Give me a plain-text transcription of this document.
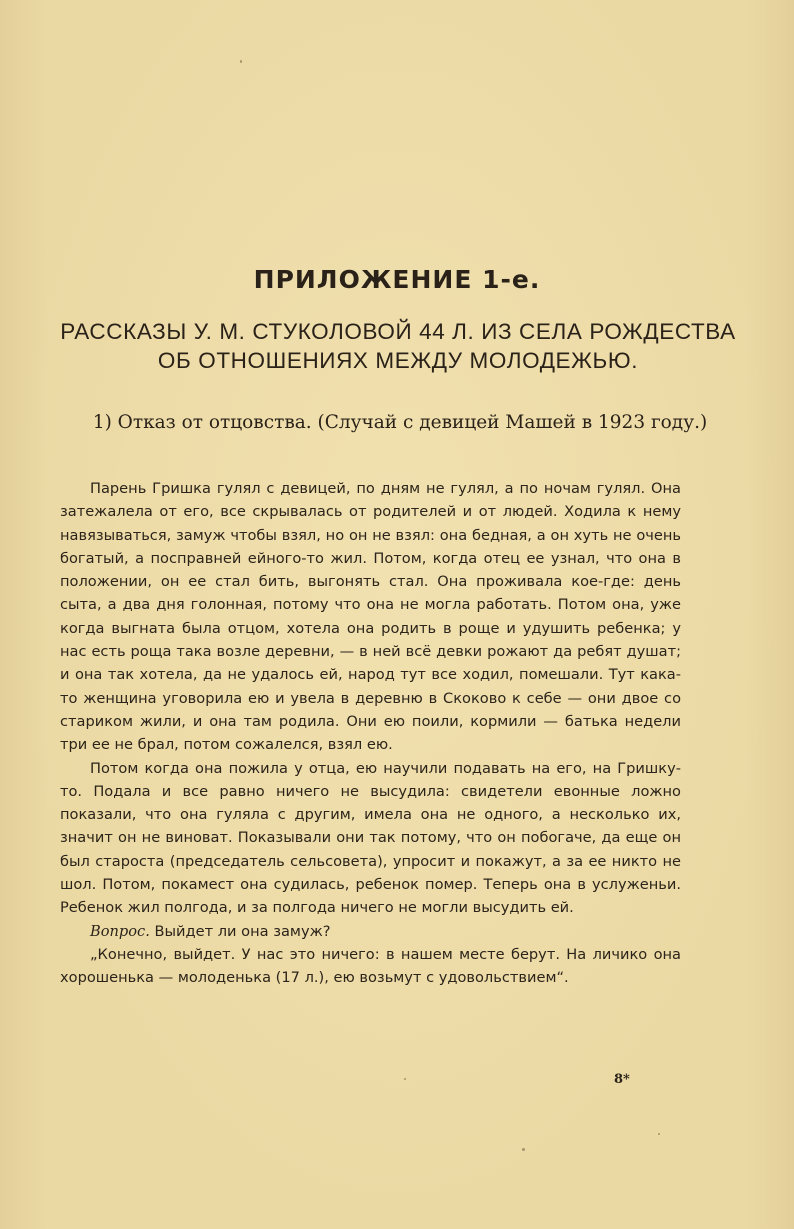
ПРИЛОЖЕНИЕ 1-е.
РАССКАЗЫ У. М. СТУКОЛОВОЙ 44 Л. ИЗ СЕЛА РОЖДЕСТВА ОБ ОТНОШЕНИЯХ МЕЖДУ МОЛОДЕЖЬЮ.
1) Отказ от отцовства. (Случай с девицей Машей в 1923 году.)

Парень Гришка гулял с девицей, по дням не гулял, а по ночам гулял. Она затежалела от его, все скрывалась от родителей и от людей. Ходила к нему навязываться, замуж чтобы взял, но он не взял: она бедная, а он хуть не очень богатый, а посправней ейного-то жил. Потом, когда отец ее узнал, что она в положении, он ее стал бить, выгонять стал. Она проживала кое-где: день сыта, а два дня голонная, потому что она не могла работать. Потом она, уже когда выгната была отцом, хотела она родить в роще и удушить ребенка; у нас есть роща така возле деревни, — в ней всё девки рожают да ребят душат; и она так хотела, да не удалось ей, народ тут все ходил, помешали. Тут кака-то женщина уговорила ею и увела в деревню в Скоково к себе — они двое со стариком жили, и она там родила. Они ею поили, кормили — батька недели три ее не брал, потом сожалелся, взял ею.

Потом когда она пожила у отца, ею научили подавать на его, на Гришку-то. Подала и все равно ничего не высудила: свидетели евонные ложно показали, что она гуляла с другим, имела она не одного, а несколько их, значит он не виноват. Показывали они так потому, что он побогаче, да еще он был староста (председатель сельсовета), упросит и покажут, а за ее никто не шол. Потом, покамест она судилась, ребенок помер. Теперь она в услуженьи. Ребенок жил полгода, и за полгода ничего не могли высудить ей.

Вопрос. Выйдет ли она замуж?

„Конечно, выйдет. У нас это ничего: в нашем месте берут. На личико она хорошенька — молоденька (17 л.), ею возьмут с удовольствием“.

8*
